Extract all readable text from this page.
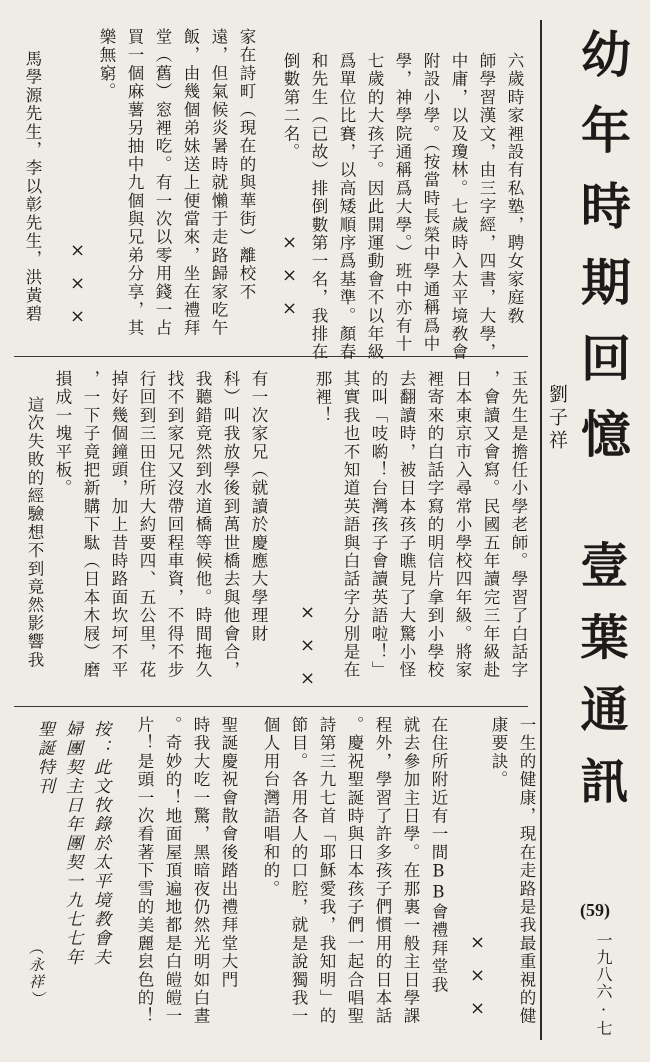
幼年時期回憶
劉子祥
壹葉通訊
(59)
一九八六·七
六歲時家裡設有私塾，聘女家庭敎
師學習漢文，由三字經，四書，大學，
中庸，以及瓊林。七歲時入太平境敎會
附設小學。（按當時長榮中學通稱爲中
學，神學院通稱爲大學。）班中亦有十
七歲的大孩子。因此開運動會不以年級
爲單位比賽，以高矮順序爲基準。顏春
和先生（已故）排倒數第一名，我排在
倒數第二名。

×××

家在詩町（現在的與華街）離校不
遠，但氣候炎暑時就懶于走路歸家吃午
飯，由幾個弟妹送上便當來，坐在禮拜
堂（舊）窓裡吃。有一次以零用錢一占
買一個麻薯另抽中九個與兄弟分享，其
樂無窮。

×××

馬學源先生，李以彰先生，洪黃碧
玉先生是擔任小學老師。學習了白話字
，會讀又會寫。民國五年讀完三年級赴
日本東京市入尋常小學校四年級。將家
裡寄來的白話字寫的明信片拿到小學校
去翻讀時，被日本孩子瞧見了大驚小怪
的叫「吱喲！台灣孩子會讀英語啦！」
其實我也不知道英語與白話字分別是在
那裡！

×××

有一次家兄（就讀於慶應大學理財
科）叫我放學後到萬世橋去與他會合，
我聽錯竟然到水道橋等候他。時間拖久
找不到家兄又沒帶回程車資，不得不步
行回到三田住所大約要四、五公里，花
掉好幾個鐘頭，加上昔時路面坎坷不平
，一下子竟把新購下駄（日本木屐）磨
損成一塊平板。
這次失敗的經驗想不到竟然影響我
一生的健康，現在走路是我最重視的健
康要訣。

×××

在住所附近有一間BB會禮拜堂我
就去參加主日學。在那裏一般主日學課
程外，學習了許多孩子們慣用的日本話
。慶祝聖誕時與日本孩子們一起合唱聖
詩第三九七首「耶穌愛我，我知明」的
節目。各用各人的口腔，就是說獨我一
個人用台灣語唱和的。
聖誕慶祝會散會後踏出禮拜堂大門
時我大吃一驚，黑暗夜仍然光明如白晝
。奇妙的！地面屋頂遍地都是白皚皚一
片！是頭一次看著下雪的美麗㿝色的！
按：此文牧錄於太平境教會夫
婦團契主日年團契一九七七年
聖誕特刊
（永祥）
